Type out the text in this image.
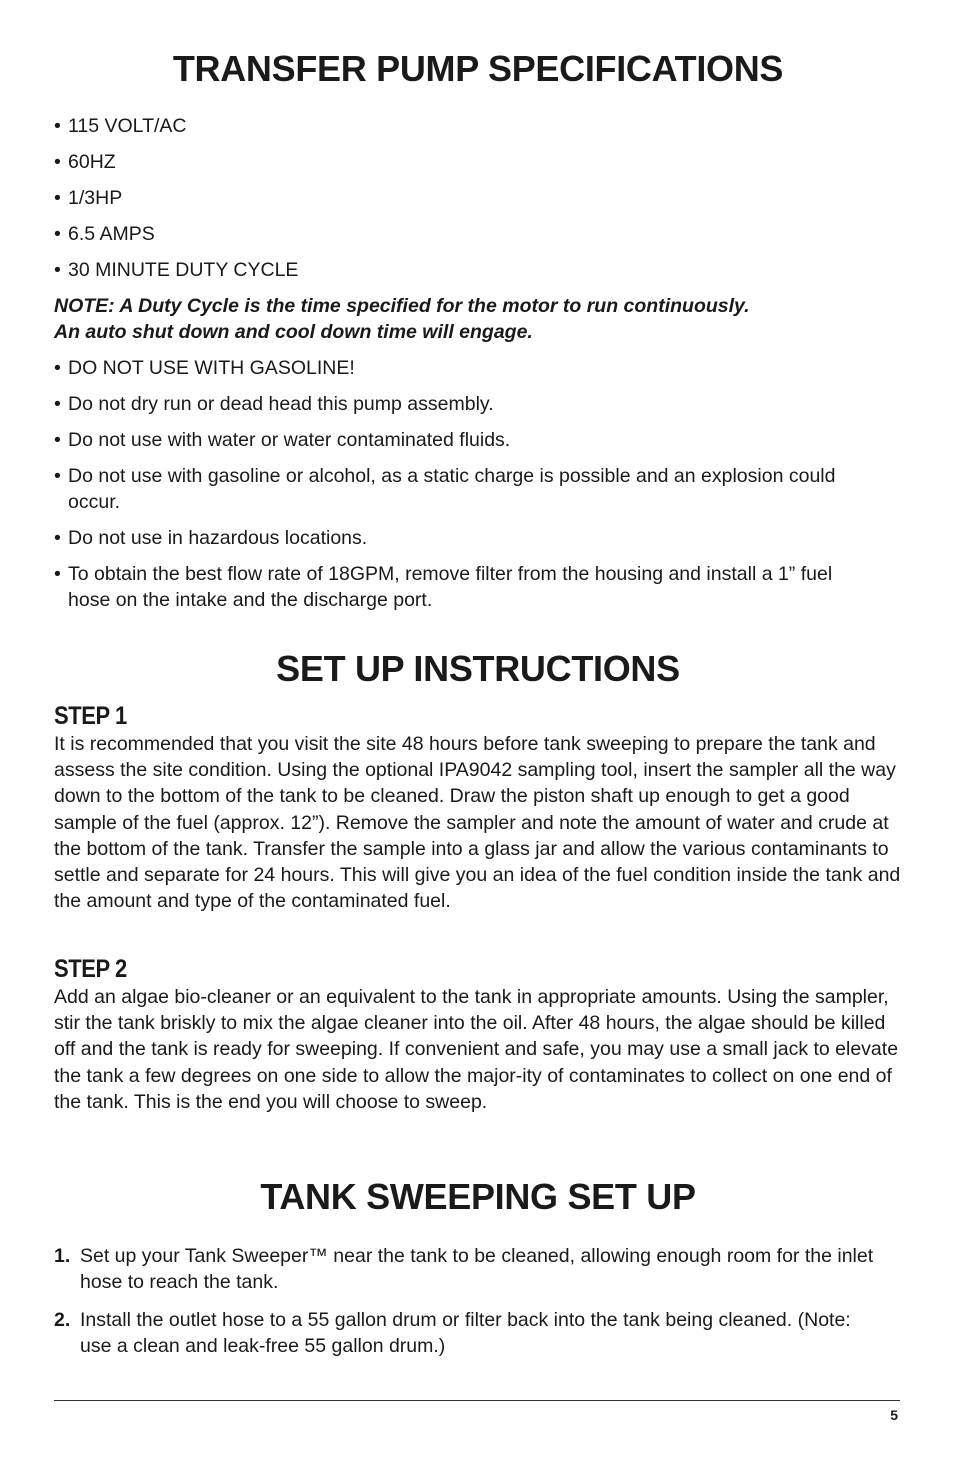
TRANSFER PUMP SPECIFICATIONS
• 115 VOLT/AC
• 60HZ
• 1/3HP
• 6.5 AMPS
• 30 MINUTE DUTY CYCLE
NOTE: A Duty Cycle is the time specified for the motor to run continuously.
An auto shut down and cool down time will engage.
• DO NOT USE WITH GASOLINE!
• Do not dry run or dead head this pump assembly.
• Do not use with water or water contaminated fluids.
• Do not use with gasoline or alcohol, as a static charge is possible and an explosion could occur.
• Do not use in hazardous locations.
• To obtain the best flow rate of 18GPM, remove filter from the housing and install a 1” fuel hose on the intake and the discharge port.
SET UP INSTRUCTIONS
STEP 1

It is recommended that you visit the site 48 hours before tank sweeping to prepare the tank and assess the site condition. Using the optional IPA9042 sampling tool, insert the sampler all the way down to the bottom of the tank to be cleaned. Draw the piston shaft up enough to get a good sample of the fuel (approx. 12”). Remove the sampler and note the amount of water and crude at the bottom of the tank. Transfer the sample into a glass jar and allow the various contaminants to settle and separate for 24 hours. This will give you an idea of the fuel condition inside the tank and the amount and type of the contaminated fuel.

STEP 2

Add an algae bio-cleaner or an equivalent to the tank in appropriate amounts. Using the sampler, stir the tank briskly to mix the algae cleaner into the oil. After 48 hours, the algae should be killed off and the tank is ready for sweeping. If convenient and safe, you may use a small jack to elevate the tank a few degrees on one side to allow the major-ity of contaminates to collect on one end of the tank. This is the end you will choose to sweep.

TANK SWEEPING SET UP
1. Set up your Tank Sweeper™ near the tank to be cleaned, allowing enough room for the inlet hose to reach the tank.
2. Install the outlet hose to a 55 gallon drum or filter back into the tank being cleaned. (Note: use a clean and leak-free 55 gallon drum.)
5
